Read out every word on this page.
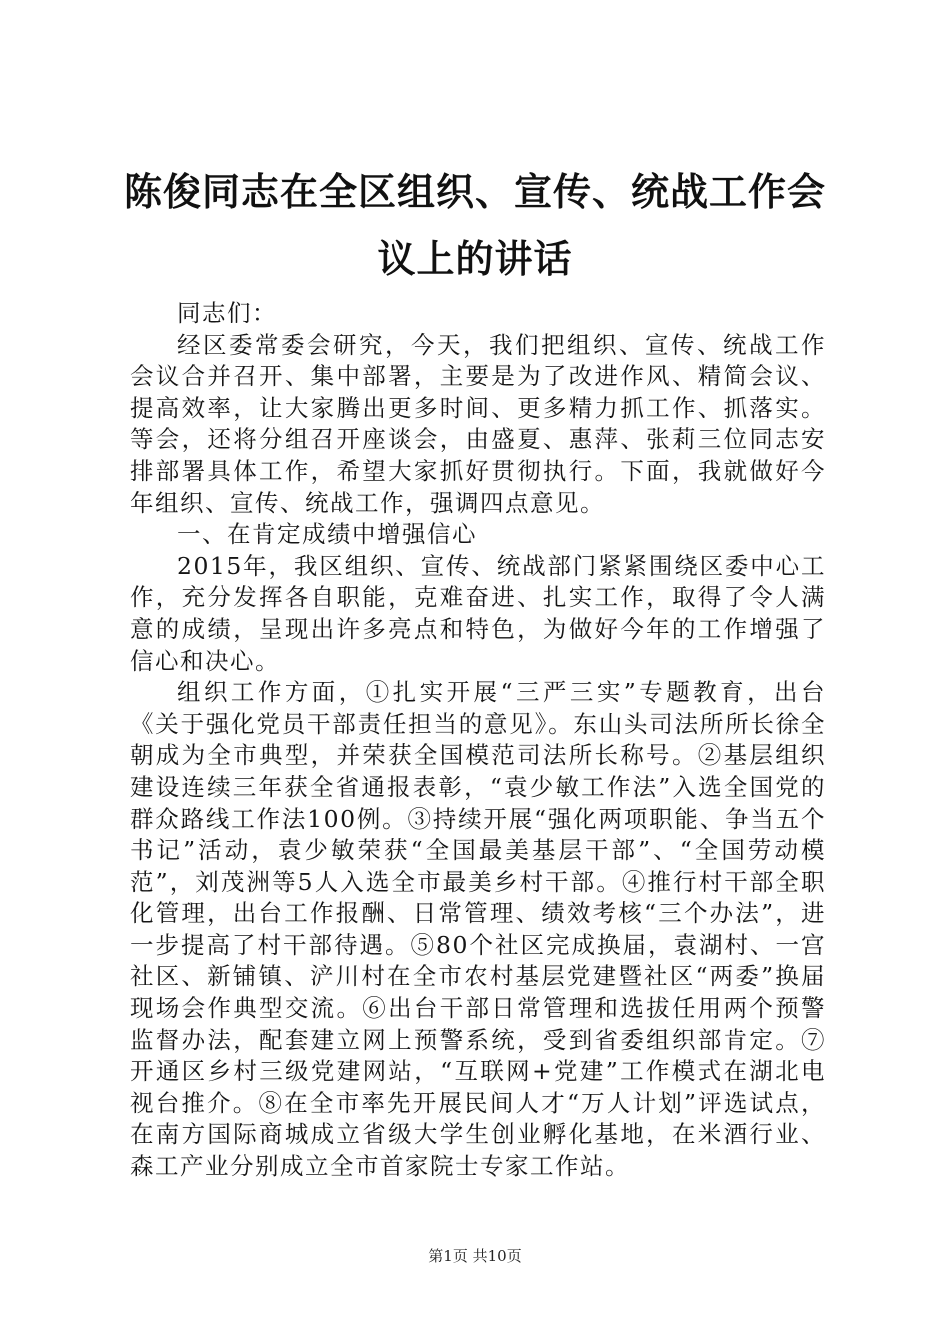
陈俊同志在全区组织、宣传、统战工作会议上的讲话

同志们：

经区委常委会研究，今天，我们把组织、宣传、统战工作会议合并召开、集中部署，主要是为了改进作风、精简会议、提高效率，让大家腾出更多时间、更多精力抓工作、抓落实。等会，还将分组召开座谈会，由盛夏、惠萍、张莉三位同志安排部署具体工作，希望大家抓好贯彻执行。下面，我就做好今年组织、宣传、统战工作，强调四点意见。

一、在肯定成绩中增强信心

2015年，我区组织、宣传、统战部门紧紧围绕区委中心工作，充分发挥各自职能，克难奋进、扎实工作，取得了令人满意的成绩，呈现出许多亮点和特色，为做好今年的工作增强了信心和决心。

组织工作方面，①扎实开展“三严三实”专题教育，出台《关于强化党员干部责任担当的意见》。东山头司法所所长徐全朝成为全市典型，并荣获全国模范司法所长称号。②基层组织建设连续三年获全省通报表彰，“袁少敏工作法”入选全国党的群众路线工作法100例。③持续开展“强化两项职能、争当五个书记”活动，袁少敏荣获“全国最美基层干部”、“全国劳动模范”，刘茂洲等5人入选全市最美乡村干部。④推行村干部全职化管理，出台工作报酬、日常管理、绩效考核“三个办法”，进一步提高了村干部待遇。⑤80个社区完成换届，袁湖村、一宫社区、新铺镇、浐川村在全市农村基层党建暨社区“两委”换届现场会作典型交流。⑥出台干部日常管理和选拔任用两个预警监督办法，配套建立网上预警系统，受到省委组织部肯定。⑦开通区乡村三级党建网站，“互联网+党建”工作模式在湖北电视台推介。⑧在全市率先开展民间人才“万人计划”评选试点，在南方国际商城成立省级大学生创业孵化基地，在米酒行业、森工产业分别成立全市首家院士专家工作站。

第1页 共10页
